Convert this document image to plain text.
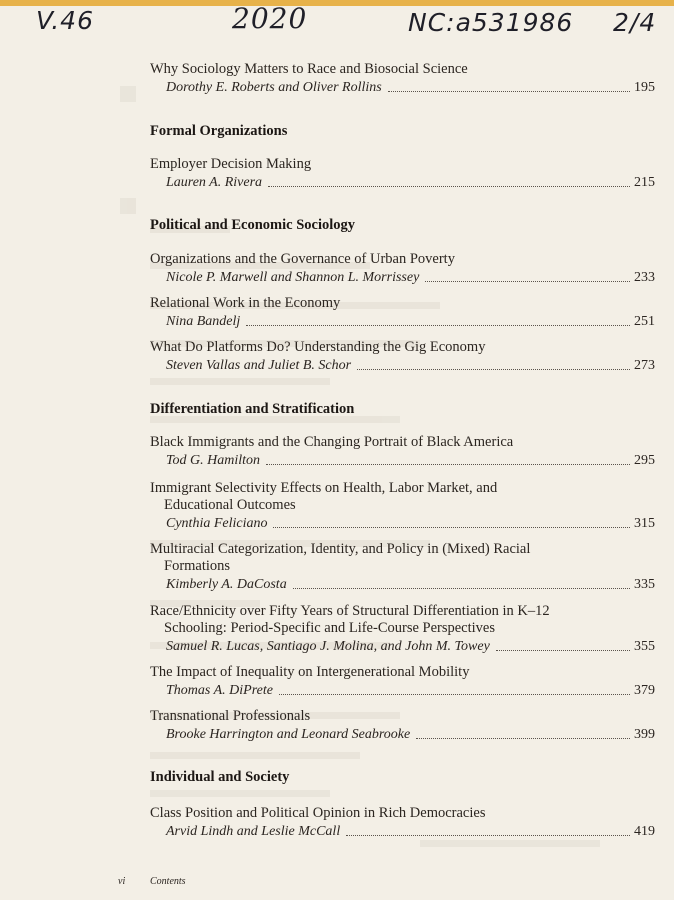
V.46	2020	NC:a531986 2/4
Why Sociology Matters to Race and Biosocial Science
Dorothy E. Roberts and Oliver Rollins	195
Formal Organizations
Employer Decision Making
Lauren A. Rivera	215
Political and Economic Sociology
Organizations and the Governance of Urban Poverty
Nicole P. Marwell and Shannon L. Morrissey	233
Relational Work in the Economy
Nina Bandelj	251
What Do Platforms Do? Understanding the Gig Economy
Steven Vallas and Juliet B. Schor	273
Differentiation and Stratification
Black Immigrants and the Changing Portrait of Black America
Tod G. Hamilton	295
Immigrant Selectivity Effects on Health, Labor Market, and
Educational Outcomes
Cynthia Feliciano	315
Multiracial Categorization, Identity, and Policy in (Mixed) Racial
Formations
Kimberly A. DaCosta	335
Race/Ethnicity over Fifty Years of Structural Differentiation in K–12
Schooling: Period-Specific and Life-Course Perspectives
Samuel R. Lucas, Santiago J. Molina, and John M. Towey	355
The Impact of Inequality on Intergenerational Mobility
Thomas A. DiPrete	379
Transnational Professionals
Brooke Harrington and Leonard Seabrooke	399
Individual and Society
Class Position and Political Opinion in Rich Democracies
Arvid Lindh and Leslie McCall	419
vi Contents
